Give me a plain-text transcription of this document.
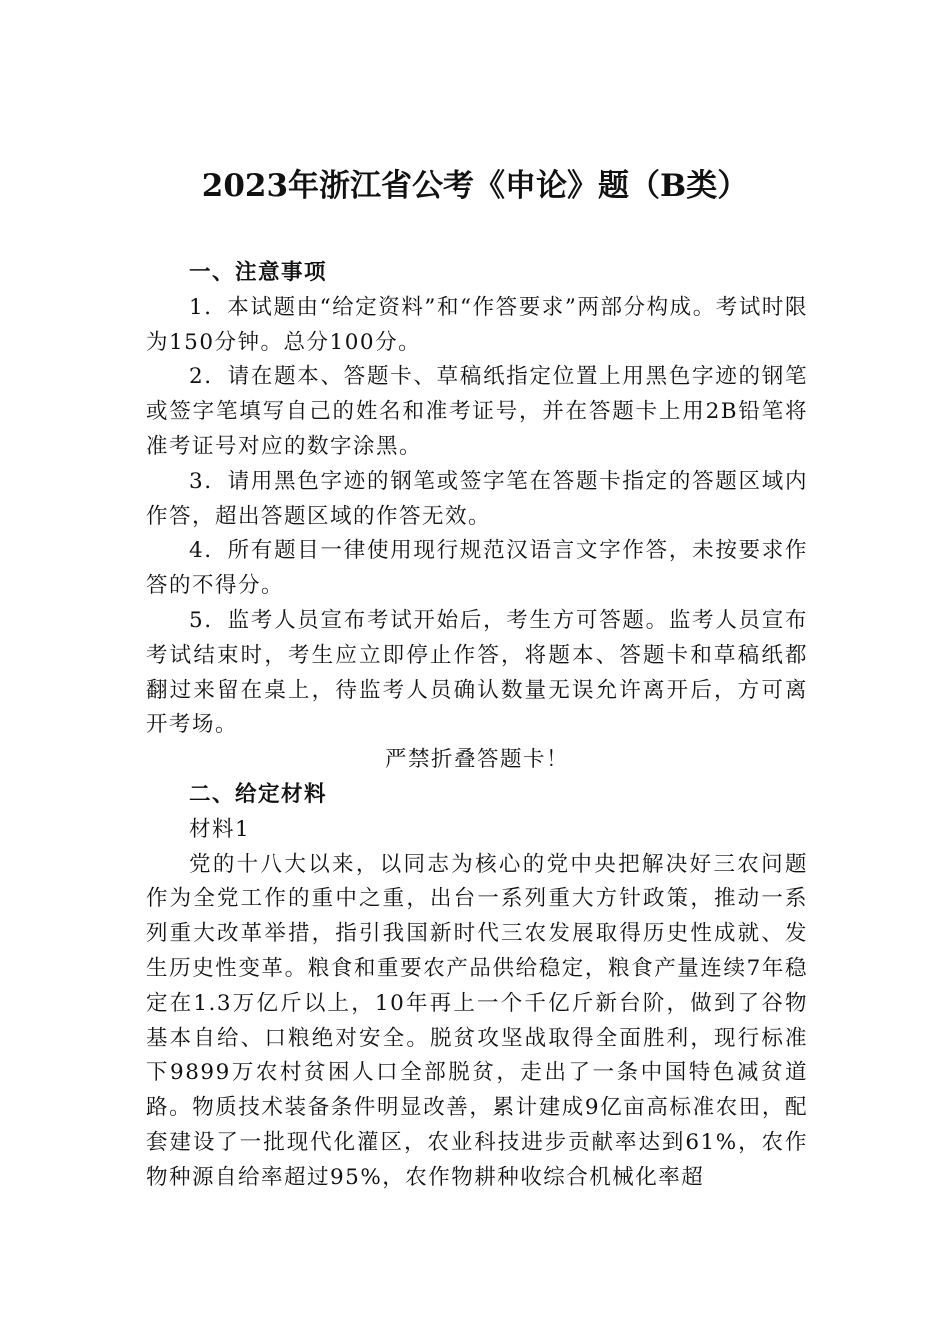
2023年浙江省公考《申论》题（B类）

一、注意事项

1．本试题由“给定资料”和“作答要求”两部分构成。考试时限为150分钟。总分100分。

2．请在题本、答题卡、草稿纸指定位置上用黑色字迹的钢笔或签字笔填写自己的姓名和准考证号，并在答题卡上用2B铅笔将准考证号对应的数字涂黑。

3．请用黑色字迹的钢笔或签字笔在答题卡指定的答题区域内作答，超出答题区域的作答无效。

4．所有题目一律使用现行规范汉语言文字作答，未按要求作答的不得分。

5．监考人员宣布考试开始后，考生方可答题。监考人员宣布考试结束时，考生应立即停止作答，将题本、答题卡和草稿纸都翻过来留在桌上，待监考人员确认数量无误允许离开后，方可离开考场。

严禁折叠答题卡！

二、给定材料

材料1

党的十八大以来，以同志为核心的党中央把解决好三农问题作为全党工作的重中之重，出台一系列重大方针政策，推动一系列重大改革举措，指引我国新时代三农发展取得历史性成就、发生历史性变革。粮食和重要农产品供给稳定，粮食产量连续7年稳定在1.3万亿斤以上，10年再上一个千亿斤新台阶，做到了谷物基本自给、口粮绝对安全。脱贫攻坚战取得全面胜利，现行标准下9899万农村贫困人口全部脱贫，走出了一条中国特色减贫道路。物质技术装备条件明显改善，累计建成9亿亩高标准农田，配套建设了一批现代化灌区，农业科技进步贡献率达到61%，农作物种源自给率超过95%，农作物耕种收综合机械化率超
